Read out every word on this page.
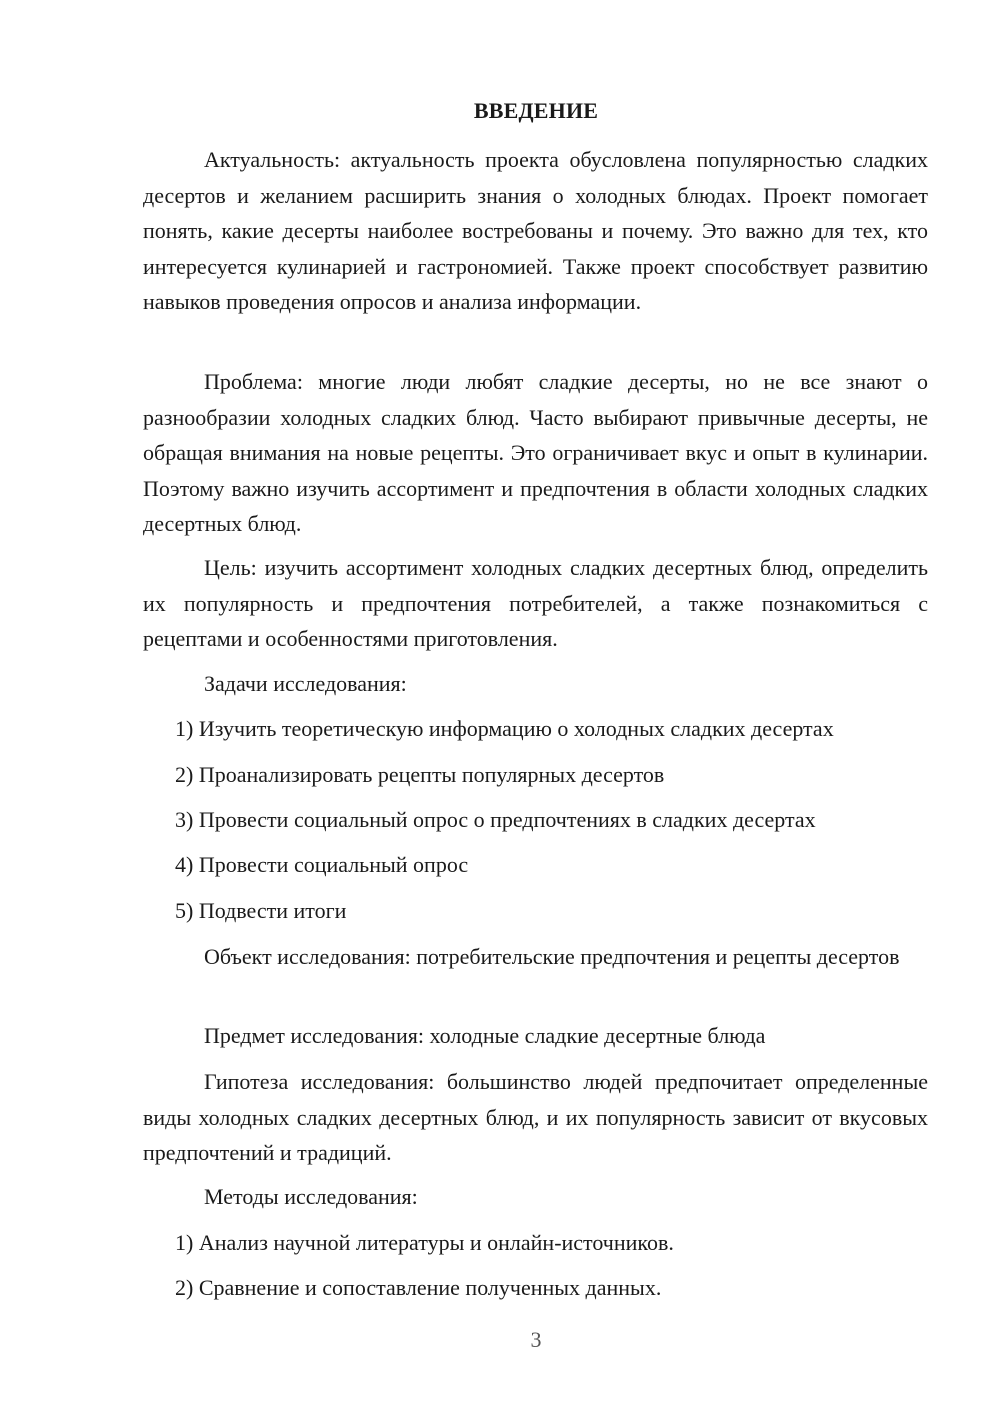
ВВЕДЕНИЕ

Актуальность: актуальность проекта обусловлена популярностью сладких десертов и желанием расширить знания о холодных блюдах. Проект помогает понять, какие десерты наиболее востребованы и почему. Это важно для тех, кто интересуется кулинарией и гастрономией. Также проект способствует развитию навыков проведения опросов и анализа информации.

Проблема: многие люди любят сладкие десерты, но не все знают о разнообразии холодных сладких блюд. Часто выбирают привычные десерты, не обращая внимания на новые рецепты. Это ограничивает вкус и опыт в кулинарии. Поэтому важно изучить ассортимент и предпочтения в области холодных сладких десертных блюд.

Цель: изучить ассортимент холодных сладких десертных блюд, определить их популярность и предпочтения потребителей, а также познакомиться с рецептами и особенностями приготовления.

Задачи исследования:

1) Изучить теоретическую информацию о холодных сладких десертах

2) Проанализировать рецепты популярных десертов

3) Провести социальный опрос о предпочтениях в сладких десертах

4) Провести социальный опрос

5) Подвести итоги

Объект исследования: потребительские предпочтения и рецепты десертов

Предмет исследования: холодные сладкие десертные блюда

Гипотеза исследования: большинство людей предпочитает определенные виды холодных сладких десертных блюд, и их популярность зависит от вкусовых предпочтений и традиций.

Методы исследования:

1) Анализ научной литературы и онлайн-источников.

2) Сравнение и сопоставление полученных данных.

3
